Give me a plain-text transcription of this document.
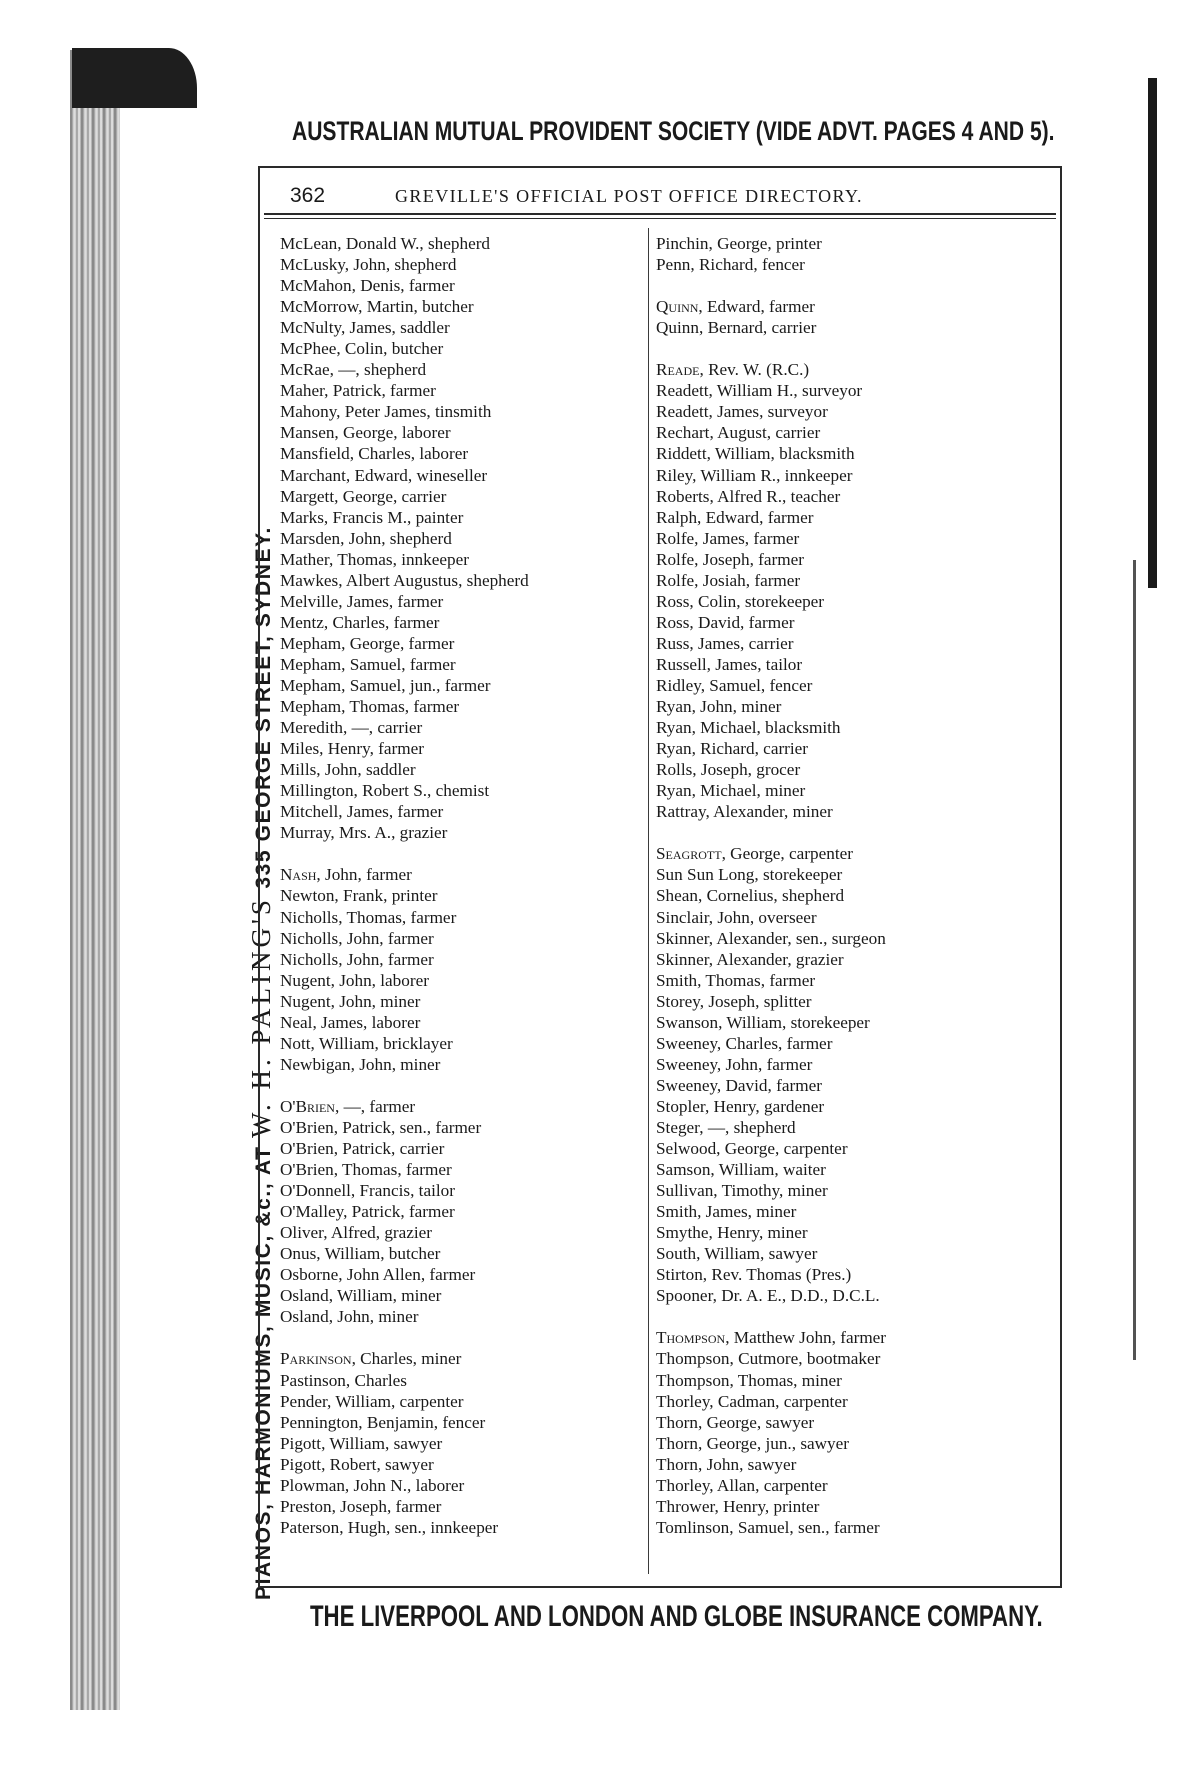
AUSTRALIAN MUTUAL PROVIDENT SOCIETY (VIDE ADVT. PAGES 4 AND 5).
PIANOS, HARMONIUMS, MUSIC, &c., AT W. H. PALING'S 335 GEORGE STREET, SYDNEY.
362	GREVILLE'S OFFICIAL POST OFFICE DIRECTORY.
McLean, Donald W., shepherd
McLusky, John, shepherd
McMahon, Denis, farmer
McMorrow, Martin, butcher
McNulty, James, saddler
McPhee, Colin, butcher
McRae, —, shepherd
Maher, Patrick, farmer
Mahony, Peter James, tinsmith
Mansen, George, laborer
Mansfield, Charles, laborer
Marchant, Edward, wineseller
Margett, George, carrier
Marks, Francis M., painter
Marsden, John, shepherd
Mather, Thomas, innkeeper
Mawkes, Albert Augustus, shepherd
Melville, James, farmer
Mentz, Charles, farmer
Mepham, George, farmer
Mepham, Samuel, farmer
Mepham, Samuel, jun., farmer
Mepham, Thomas, farmer
Meredith, —, carrier
Miles, Henry, farmer
Mills, John, saddler
Millington, Robert S., chemist
Mitchell, James, farmer
Murray, Mrs. A., grazier
Nash, John, farmer
Newton, Frank, printer
Nicholls, Thomas, farmer
Nicholls, John, farmer
Nicholls, John, farmer
Nugent, John, laborer
Nugent, John, miner
Neal, James, laborer
Nott, William, bricklayer
Newbigan, John, miner
O'Brien, —, farmer
O'Brien, Patrick, sen., farmer
O'Brien, Patrick, carrier
O'Brien, Thomas, farmer
O'Donnell, Francis, tailor
O'Malley, Patrick, farmer
Oliver, Alfred, grazier
Onus, William, butcher
Osborne, John Allen, farmer
Osland, William, miner
Osland, John, miner
Parkinson, Charles, miner
Pastinson, Charles
Pender, William, carpenter
Pennington, Benjamin, fencer
Pigott, William, sawyer
Pigott, Robert, sawyer
Plowman, John N., laborer
Preston, Joseph, farmer
Paterson, Hugh, sen., innkeeper
Pinchin, George, printer
Penn, Richard, fencer
Quinn, Edward, farmer
Quinn, Bernard, carrier
Reade, Rev. W. (R.C.)
Readett, William H., surveyor
Readett, James, surveyor
Rechart, August, carrier
Riddett, William, blacksmith
Riley, William R., innkeeper
Roberts, Alfred R., teacher
Ralph, Edward, farmer
Rolfe, James, farmer
Rolfe, Joseph, farmer
Rolfe, Josiah, farmer
Ross, Colin, storekeeper
Ross, David, farmer
Russ, James, carrier
Russell, James, tailor
Ridley, Samuel, fencer
Ryan, John, miner
Ryan, Michael, blacksmith
Ryan, Richard, carrier
Rolls, Joseph, grocer
Ryan, Michael, miner
Rattray, Alexander, miner
Seagrott, George, carpenter
Sun Sun Long, storekeeper
Shean, Cornelius, shepherd
Sinclair, John, overseer
Skinner, Alexander, sen., surgeon
Skinner, Alexander, grazier
Smith, Thomas, farmer
Storey, Joseph, splitter
Swanson, William, storekeeper
Sweeney, Charles, farmer
Sweeney, John, farmer
Sweeney, David, farmer
Stopler, Henry, gardener
Steger, —, shepherd
Selwood, George, carpenter
Samson, William, waiter
Sullivan, Timothy, miner
Smith, James, miner
Smythe, Henry, miner
South, William, sawyer
Stirton, Rev. Thomas (Pres.)
Spooner, Dr. A. E., D.D., D.C.L.
Thompson, Matthew John, farmer
Thompson, Cutmore, bootmaker
Thompson, Thomas, miner
Thorley, Cadman, carpenter
Thorn, George, sawyer
Thorn, George, jun., sawyer
Thorn, John, sawyer
Thorley, Allan, carpenter
Thrower, Henry, printer
Tomlinson, Samuel, sen., farmer
THE LIVERPOOL AND LONDON AND GLOBE INSURANCE COMPANY.
